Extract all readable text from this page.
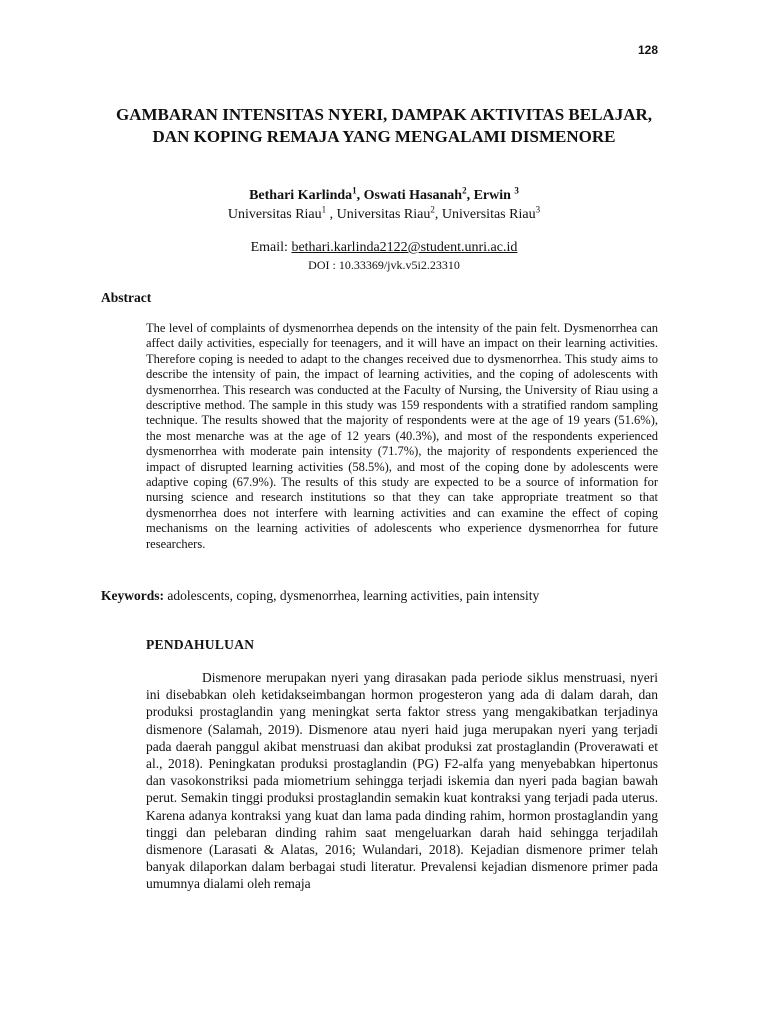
128
GAMBARAN INTENSITAS NYERI, DAMPAK AKTIVITAS BELAJAR, DAN KOPING REMAJA YANG MENGALAMI DISMENORE
Bethari Karlinda$^1$, Oswati Hasanah$^2$, Erwin $^3$
Universitas Riau$^1$ , Universitas Riau$^2$, Universitas Riau$^3$
Email: bethari.karlinda2122@student.unri.ac.id
DOI : 10.33369/jvk.v5i2.23310
Abstract

The level of complaints of dysmenorrhea depends on the intensity of the pain felt. Dysmenorrhea can affect daily activities, especially for teenagers, and it will have an impact on their learning activities. Therefore coping is needed to adapt to the changes received due to dysmenorrhea. This study aims to describe the intensity of pain, the impact of learning activities, and the coping of adolescents with dysmenorrhea. This research was conducted at the Faculty of Nursing, the University of Riau using a descriptive method. The sample in this study was 159 respondents with a stratified random sampling technique. The results showed that the majority of respondents were at the age of 19 years (51.6%), the most menarche was at the age of 12 years (40.3%), and most of the respondents experienced dysmenorrhea with moderate pain intensity (71.7%), the majority of respondents experienced the impact of disrupted learning activities (58.5%), and most of the coping done by adolescents were adaptive coping (67.9%). The results of this study are expected to be a source of information for nursing science and research institutions so that they can take appropriate treatment so that dysmenorrhea does not interfere with learning activities and can examine the effect of coping mechanisms on the learning activities of adolescents who experience dysmenorrhea for future researchers.

Keywords: adolescents, coping, dysmenorrhea, learning activities, pain intensity
PENDAHULUAN

Dismenore merupakan nyeri yang dirasakan pada periode siklus menstruasi, nyeri ini disebabkan oleh ketidakseimbangan hormon progesteron yang ada di dalam darah, dan produksi prostaglandin yang meningkat serta faktor stress yang mengakibatkan terjadinya dismenore (Salamah, 2019). Dismenore atau nyeri haid juga merupakan nyeri yang terjadi pada daerah panggul akibat menstruasi dan akibat produksi zat prostaglandin (Proverawati et al., 2018). Peningkatan produksi prostaglandin (PG) F2-alfa yang menyebabkan hipertonus dan vasokonstriksi pada miometrium sehingga terjadi iskemia dan nyeri pada bagian bawah perut. Semakin tinggi produksi prostaglandin semakin kuat kontraksi yang terjadi pada uterus. Karena adanya kontraksi yang kuat dan lama pada dinding rahim, hormon prostaglandin yang tinggi dan pelebaran dinding rahim saat mengeluarkan darah haid sehingga terjadilah dismenore (Larasati & Alatas, 2016; Wulandari, 2018). Kejadian dismenore primer telah banyak dilaporkan dalam berbagai studi literatur. Prevalensi kejadian dismenore primer pada umumnya dialami oleh remaja
